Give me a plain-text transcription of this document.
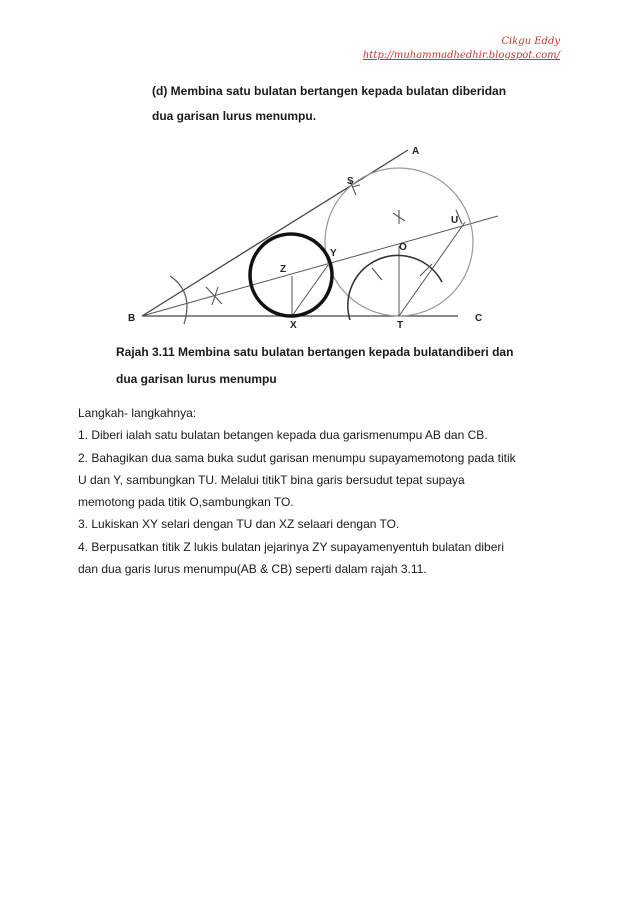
Cikgu Eddy
http://muhammadhedhir.blogspot.com/
(d) Membina satu bulatan bertangen kepada bulatan diberidan
dua garisan lurus menumpu.
A
S
U
O
Y
Z
B
X	T
C
Rajah 3.11 Membina satu bulatan bertangen kepada bulatandiberi dan
dua garisan lurus menumpu
Langkah- langkahnya:
1. Diberi ialah satu bulatan betangen kepada dua garismenumpu AB dan CB.
2. Bahagikan dua sama buka sudut garisan menumpu supayamemotong pada titik
U dan Y, sambungkan TU. Melalui titikT bina garis bersudut tepat supaya
memotong pada titik O,sambungkan TO.
3. Lukiskan XY selari dengan TU dan XZ selaari dengan TO.
4. Berpusatkan titik Z lukis bulatan jejarinya ZY supayamenyentuh bulatan diberi
dan dua garis lurus menumpu(AB & CB) seperti dalam rajah 3.11.
